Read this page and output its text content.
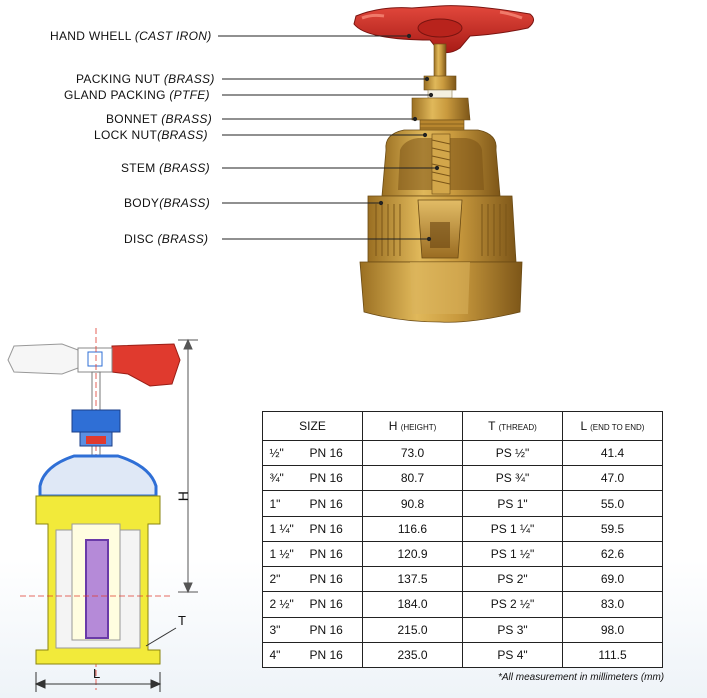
HAND WHELL (CAST IRON)
PACKING NUT (BRASS)
GLAND PACKING (PTFE)
BONNET (BRASS)
LOCK NUT(BRASS)
STEM (BRASS)
BODY(BRASS)
DISC (BRASS)
H
T
L
SIZE	H (HEIGHT)	T (THREAD)	L (END TO END)
½" PN 16	73.0	PS ½"	41.4
¾" PN 16	80.7	PS ¾"	47.0
1" PN 16	90.8	PS 1"	55.0
1 ¼" PN 16	116.6	PS 1 ¼"	59.5
1 ½" PN 16	120.9	PS 1 ½"	62.6
2" PN 16	137.5	PS 2"	69.0
2 ½" PN 16	184.0	PS 2 ½"	83.0
3" PN 16	215.0	PS 3"	98.0
4" PN 16	235.0	PS 4"	111.5
*All measurement in millimeters (mm)
